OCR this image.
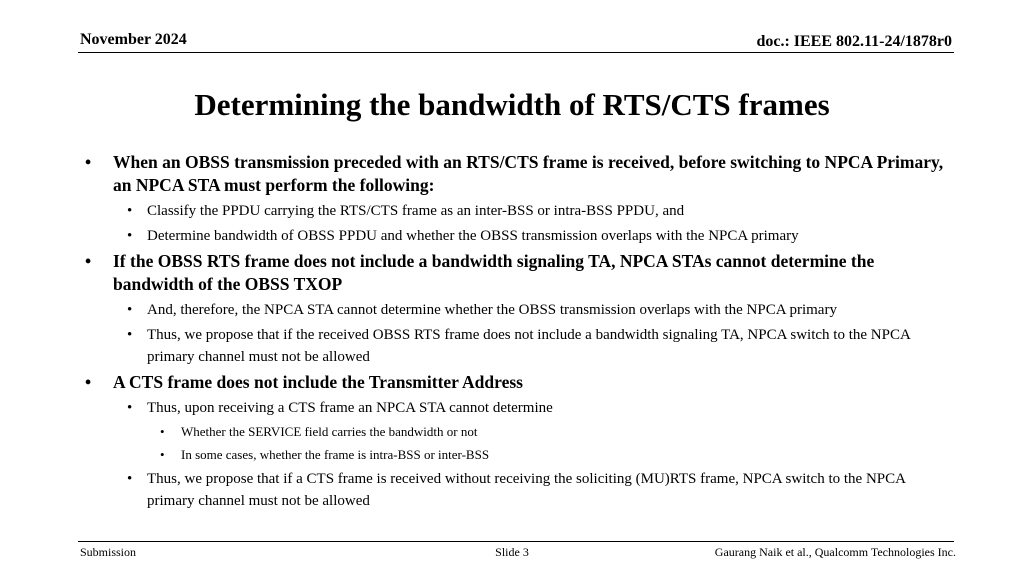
November 2024	doc.: IEEE 802.11-24/1878r0
Determining the bandwidth of RTS/CTS frames
• When an OBSS transmission preceded with an RTS/CTS frame is received, before switching to NPCA Primary, an NPCA STA must perform the following:
• Classify the PPDU carrying the RTS/CTS frame as an inter-BSS or intra-BSS PPDU, and
• Determine bandwidth of OBSS PPDU and whether the OBSS transmission overlaps with the NPCA primary
• If the OBSS RTS frame does not include a bandwidth signaling TA, NPCA STAs cannot determine the bandwidth of the OBSS TXOP
• And, therefore, the NPCA STA cannot determine whether the OBSS transmission overlaps with the NPCA primary
• Thus, we propose that if the received OBSS RTS frame does not include a bandwidth signaling TA, NPCA switch to the NPCA primary channel must not be allowed
• A CTS frame does not include the Transmitter Address
• Thus, upon receiving a CTS frame an NPCA STA cannot determine
• Whether the SERVICE field carries the bandwidth or not
• In some cases, whether the frame is intra-BSS or inter-BSS
• Thus, we propose that if a CTS frame is received without receiving the soliciting (MU)RTS frame, NPCA switch to the NPCA primary channel must not be allowed
Submission	Slide 3	Gaurang Naik et al., Qualcomm Technologies Inc.
